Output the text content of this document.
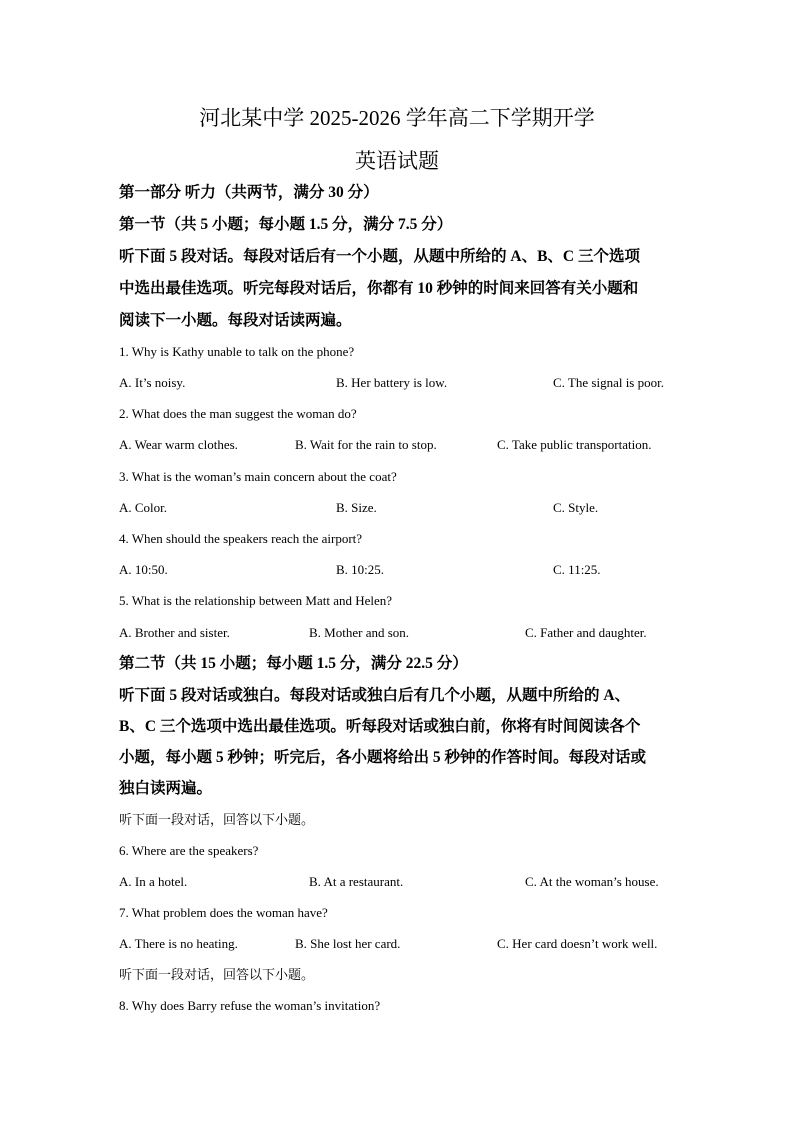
河北某中学 2025-2026 学年高二下学期开学
英语试题
第一部分 听力（共两节，满分 30 分）
第一节（共 5 小题；每小题 1.5 分，满分 7.5 分）
听下面 5 段对话。每段对话后有一个小题，从题中所给的 A、B、C 三个选项
中选出最佳选项。听完每段对话后，你都有 10 秒钟的时间来回答有关小题和
阅读下一小题。每段对话读两遍。
1. Why is Kathy unable to talk on the phone?
A. It’s noisy.	B. Her battery is low.	C. The signal is poor.
2. What does the man suggest the woman do?
A. Wear warm clothes.	B. Wait for the rain to stop.	C. Take public transportation.
3. What is the woman’s main concern about the coat?
A. Color.	B. Size.	C. Style.
4. When should the speakers reach the airport?
A. 10:50.	B. 10:25.	C. 11:25.
5. What is the relationship between Matt and Helen?
A. Brother and sister.	B. Mother and son.	C. Father and daughter.
第二节（共 15 小题；每小题 1.5 分，满分 22.5 分）
听下面 5 段对话或独白。每段对话或独白后有几个小题，从题中所给的 A、
B、C 三个选项中选出最佳选项。听每段对话或独白前，你将有时间阅读各个
小题，每小题 5 秒钟；听完后，各小题将给出 5 秒钟的作答时间。每段对话或
独白读两遍。
听下面一段对话，回答以下小题。
6. Where are the speakers?
A. In a hotel.	B. At a restaurant.	C. At the woman’s house.
7. What problem does the woman have?
A. There is no heating.	B. She lost her card.	C. Her card doesn’t work well.
听下面一段对话，回答以下小题。
8. Why does Barry refuse the woman’s invitation?
